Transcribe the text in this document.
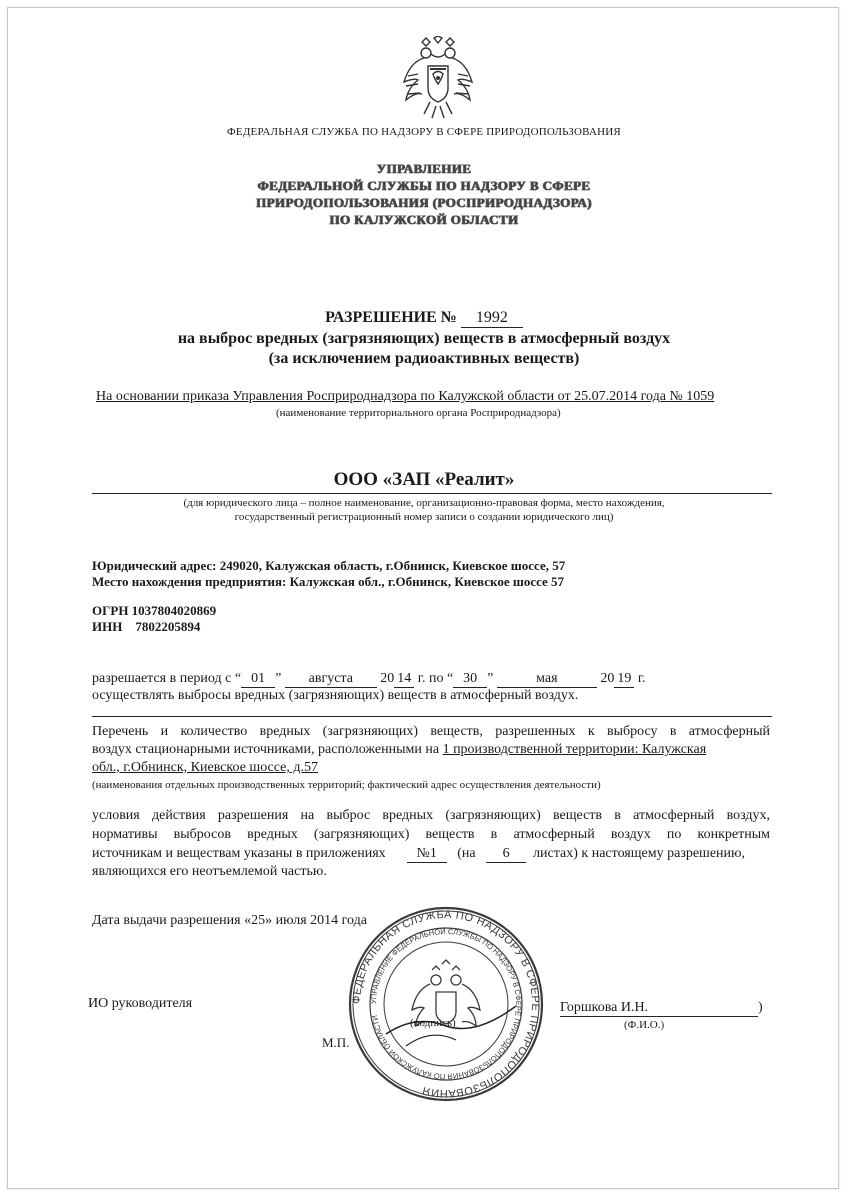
ФЕДЕРАЛЬНАЯ СЛУЖБА ПО НАДЗОРУ В СФЕРЕ ПРИРОДОПОЛЬЗОВАНИЯ
УПРАВЛЕНИЕ
ФЕДЕРАЛЬНОЙ СЛУЖБЫ ПО НАДЗОРУ В СФЕРЕ
ПРИРОДОПОЛЬЗОВАНИЯ (РОСПРИРОДНАДЗОРА)
ПО КАЛУЖСКОЙ ОБЛАСТИ
РАЗРЕШЕНИЕ № 1992
на выброс вредных (загрязняющих) веществ в атмосферный воздух
(за исключением радиоактивных веществ)
На основании приказа Управления Росприроднадзора по Калужской области от 25.07.2014 года № 1059
(наименование территориального органа Росприроднадзора)
ООО «ЗАП «Реалит»
(для юридического лица – полное наименование, организационно-правовая форма, место нахождения,
государственный регистрационный номер записи о создании юридического лиц)
Юридический адрес: 249020, Калужская область, г.Обнинск, Киевское шоссе, 57
Место нахождения предприятия: Калужская обл., г.Обнинск, Киевское шоссе 57
ОГРН 1037804020869
ИНН    7802205894
разрешается в период с “ 01 ” августа 20 14 г. по “ 30 ”	мая	20 19 г.
осуществлять выбросы вредных (загрязняющих) веществ в атмосферный воздух.
Перечень и количество вредных (загрязняющих) веществ, разрешенных к выбросу в атмосферный
воздух стационарными источниками, расположенными на 1 производственной территории: Калужская
обл., г.Обнинск, Киевское шоссе, д.57
(наименования отдельных производственных территорий; фактический адрес осуществления деятельности)
условия действия разрешения на выброс вредных (загрязняющих) веществ в атмосферный воздух,
нормативы выбросов вредных (загрязняющих) веществ в атмосферный воздух по конкретным
источникам и веществам указаны в приложениях №1 (на 6 листах) к настоящему разрешению,
являющихся его неотъемлемой частью.
Дата выдачи разрешения «25» июля 2014 года
ФЕДЕРАЛЬНАЯ СЛУЖБА ПО НАДЗОРУ В СФЕРЕ ПРИРОДОПОЛЬЗОВАНИЯ
УПРАВЛЕНИЕ ФЕДЕРАЛЬНОЙ СЛУЖБЫ ПО НАДЗОРУ В СФЕРЕ ПРИРОДОПОЛЬЗОВАНИЯ ПО КАЛУЖСКОЙ ОБЛАСТИ
ИО руководителя
(подпись)
Горшкова И.Н.	)
(Ф.И.О.)
М.П.
